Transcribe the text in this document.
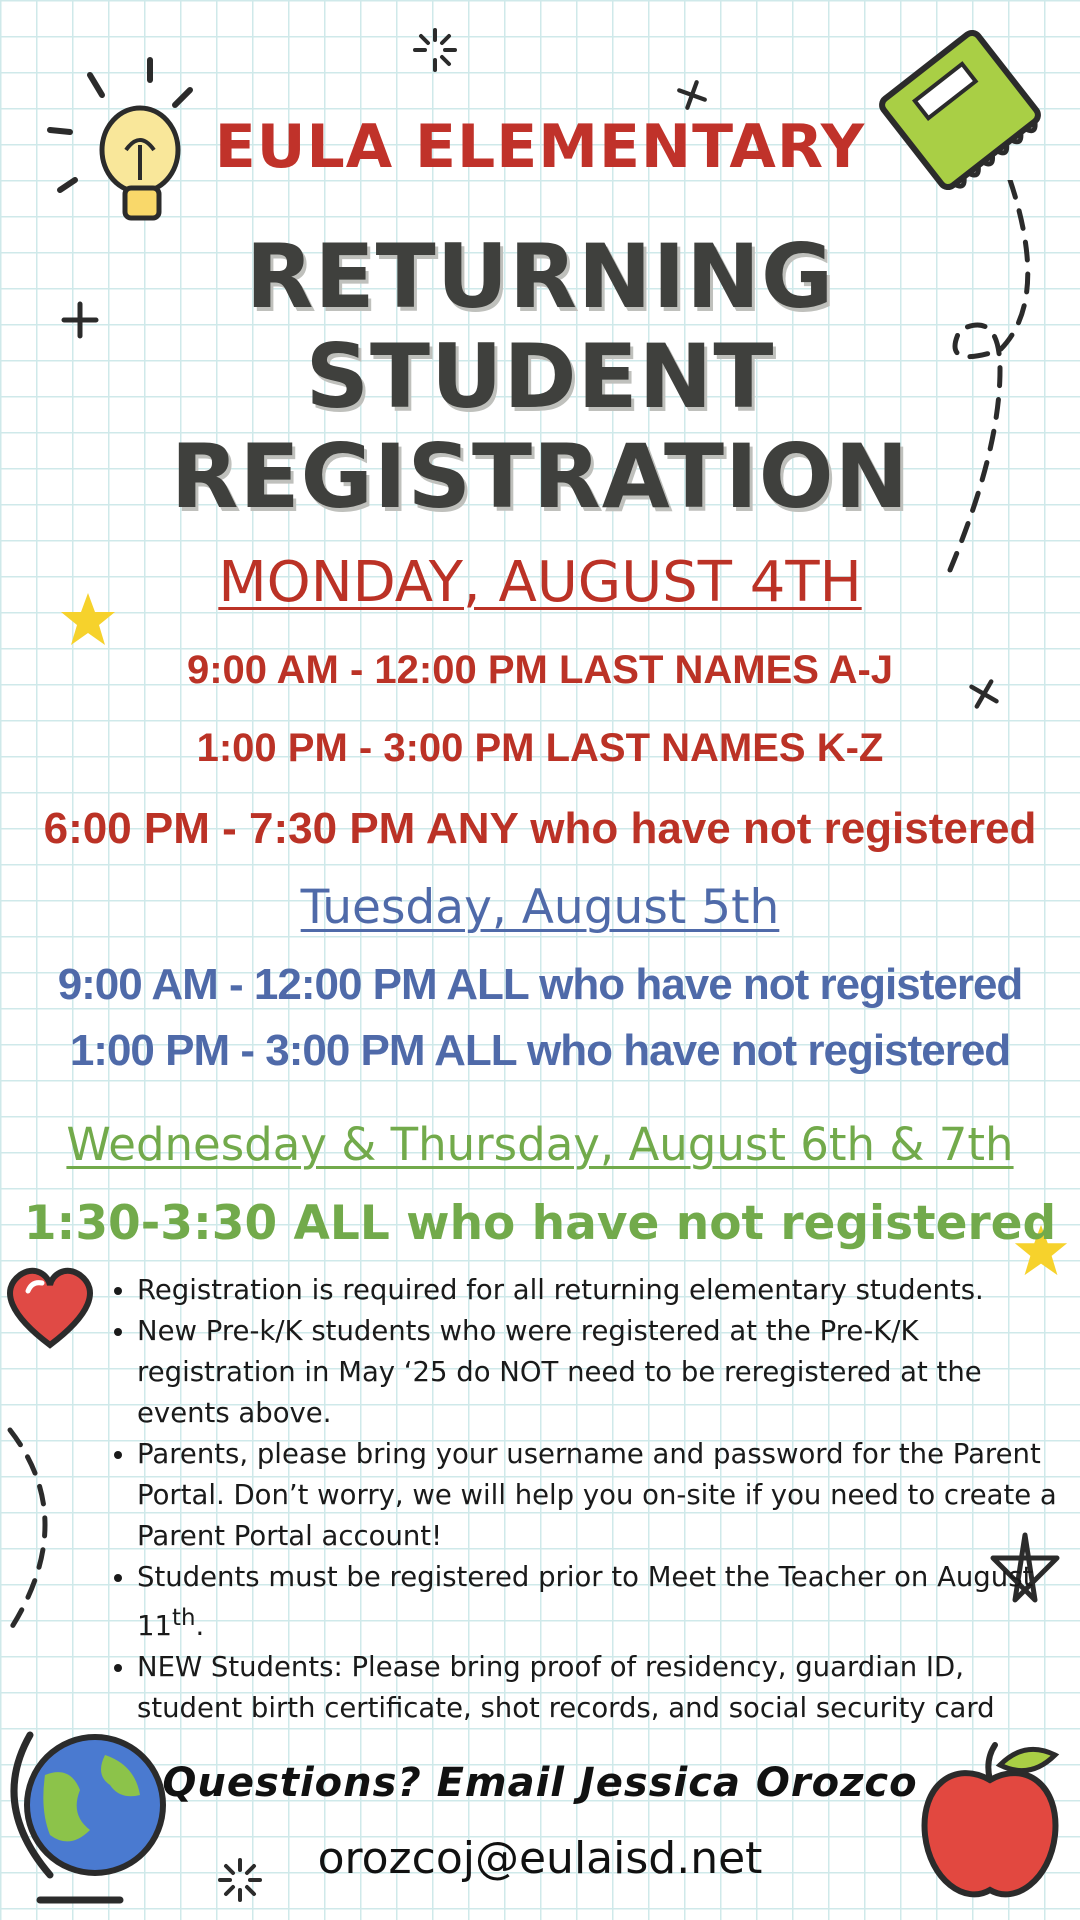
EULA ELEMENTARY
RETURNING
STUDENT
REGISTRATION
MONDAY, AUGUST 4TH
9:00 AM - 12:00 PM LAST NAMES A-J
1:00 PM - 3:00 PM LAST NAMES K-Z
6:00 PM - 7:30 PM ANY who have not registered
Tuesday, August 5th
9:00 AM - 12:00 PM ALL who have not registered
1:00 PM - 3:00 PM ALL who have not registered
Wednesday & Thursday, August 6th & 7th
1:30-3:30 ALL who have not registered
• Registration is required for all returning elementary students.
• New Pre-k/K students who were registered at the Pre-K/K registration in May ‘25 do NOT need to be reregistered at the events above.
• Parents, please bring your username and password for the Parent Portal. Don’t worry, we will help you on-site if you need to create a Parent Portal account!
• Students must be registered prior to Meet the Teacher on August 11th.
• NEW Students: Please bring proof of residency, guardian ID, student birth certificate, shot records, and social security card
Questions? Email Jessica Orozco
orozcoj@eulaisd.net
